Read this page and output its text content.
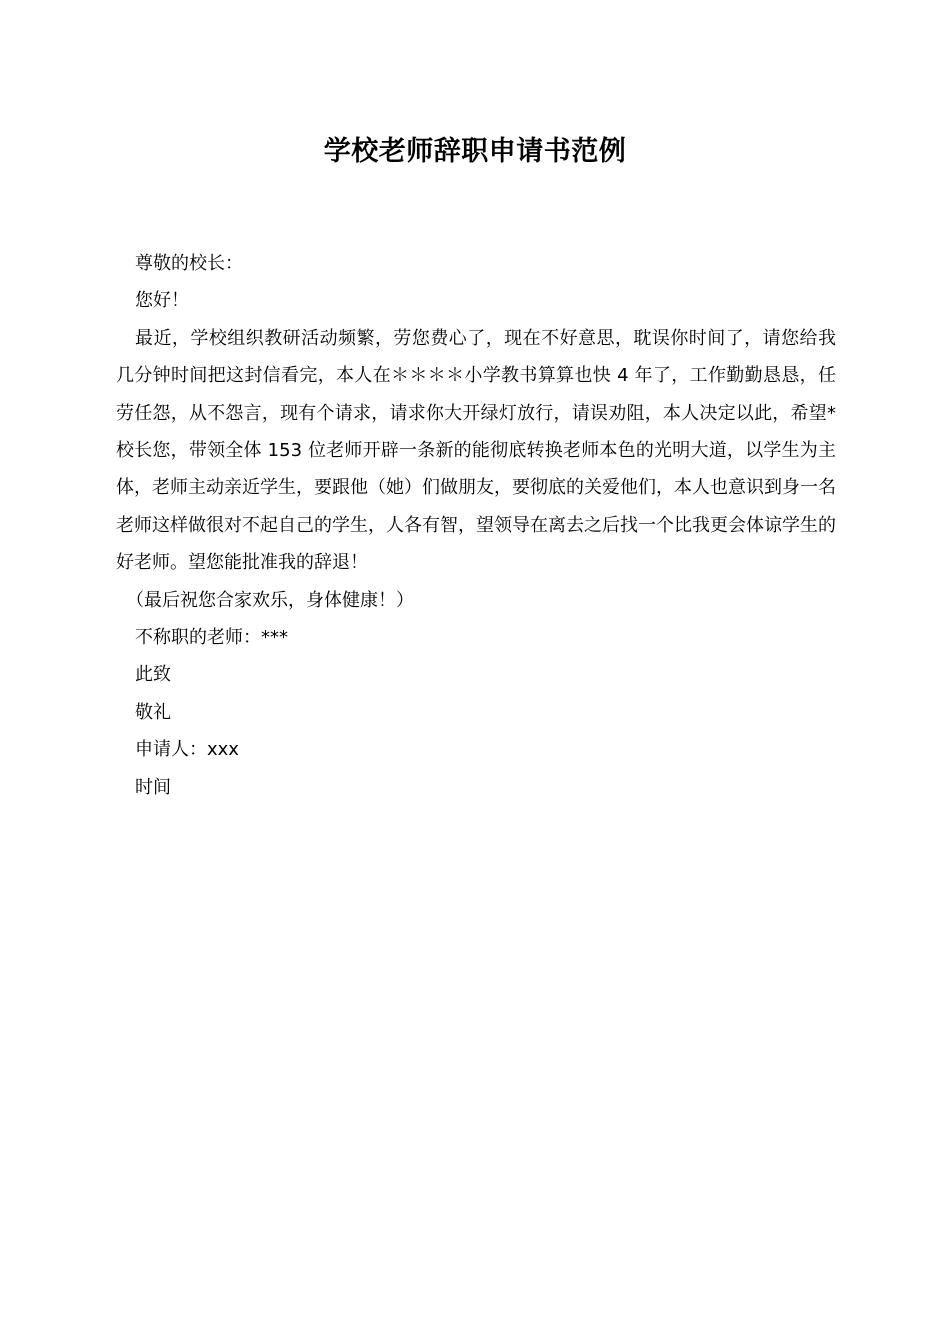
学校老师辞职申请书范例

尊敬的校长：

您好！

最近，学校组织教研活动频繁，劳您费心了，现在不好意思，耽误你时间了，请您给我几分钟时间把这封信看完，本人在＊＊＊＊小学教书算算也快 4 年了，工作勤勤恳恳，任劳任怨，从不怨言，现有个请求，请求你大开绿灯放行，请误劝阻，本人决定以此，希望*校长您，带领全体 153 位老师开辟一条新的能彻底转换老师本色的光明大道，以学生为主体，老师主动亲近学生，要跟他（她）们做朋友，要彻底的关爱他们，本人也意识到身一名老师这样做很对不起自己的学生，人各有智，望领导在离去之后找一个比我更会体谅学生的好老师。望您能批准我的辞退！

（最后祝您合家欢乐，身体健康！）

不称职的老师：***

此致

敬礼

申请人：xxx

时间
